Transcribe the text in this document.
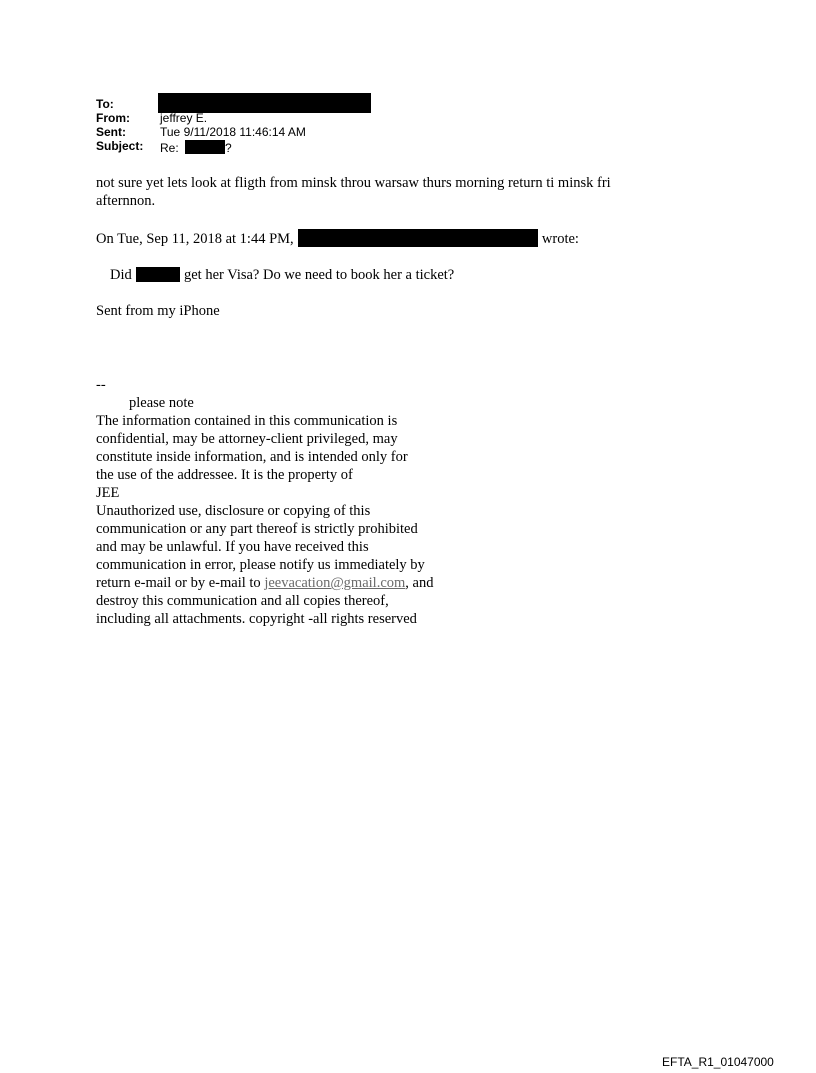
To:
From:	jeffrey E.
Sent:	Tue 9/11/2018 11:46:14 AM
Subject: Re:	?
not sure yet lets look at fligth from minsk throu warsaw thurs morning return ti minsk fri
afternnon.
On Tue, Sep 11, 2018 at 1:44 PM,	wrote:
Did	get her Visa? Do we need to book her a ticket?
Sent from my iPhone
--
please note
The information contained in this communication is
confidential, may be attorney-client privileged, may
constitute inside information, and is intended only for
the use of the addressee. It is the property of
JEE
Unauthorized use, disclosure or copying of this
communication or any part thereof is strictly prohibited
and may be unlawful. If you have received this
communication in error, please notify us immediately by
return e-mail or by e-mail to jeevacation@gmail.com, and
destroy this communication and all copies thereof,
including all attachments. copyright -all rights reserved
EFTA_R1_01047000
